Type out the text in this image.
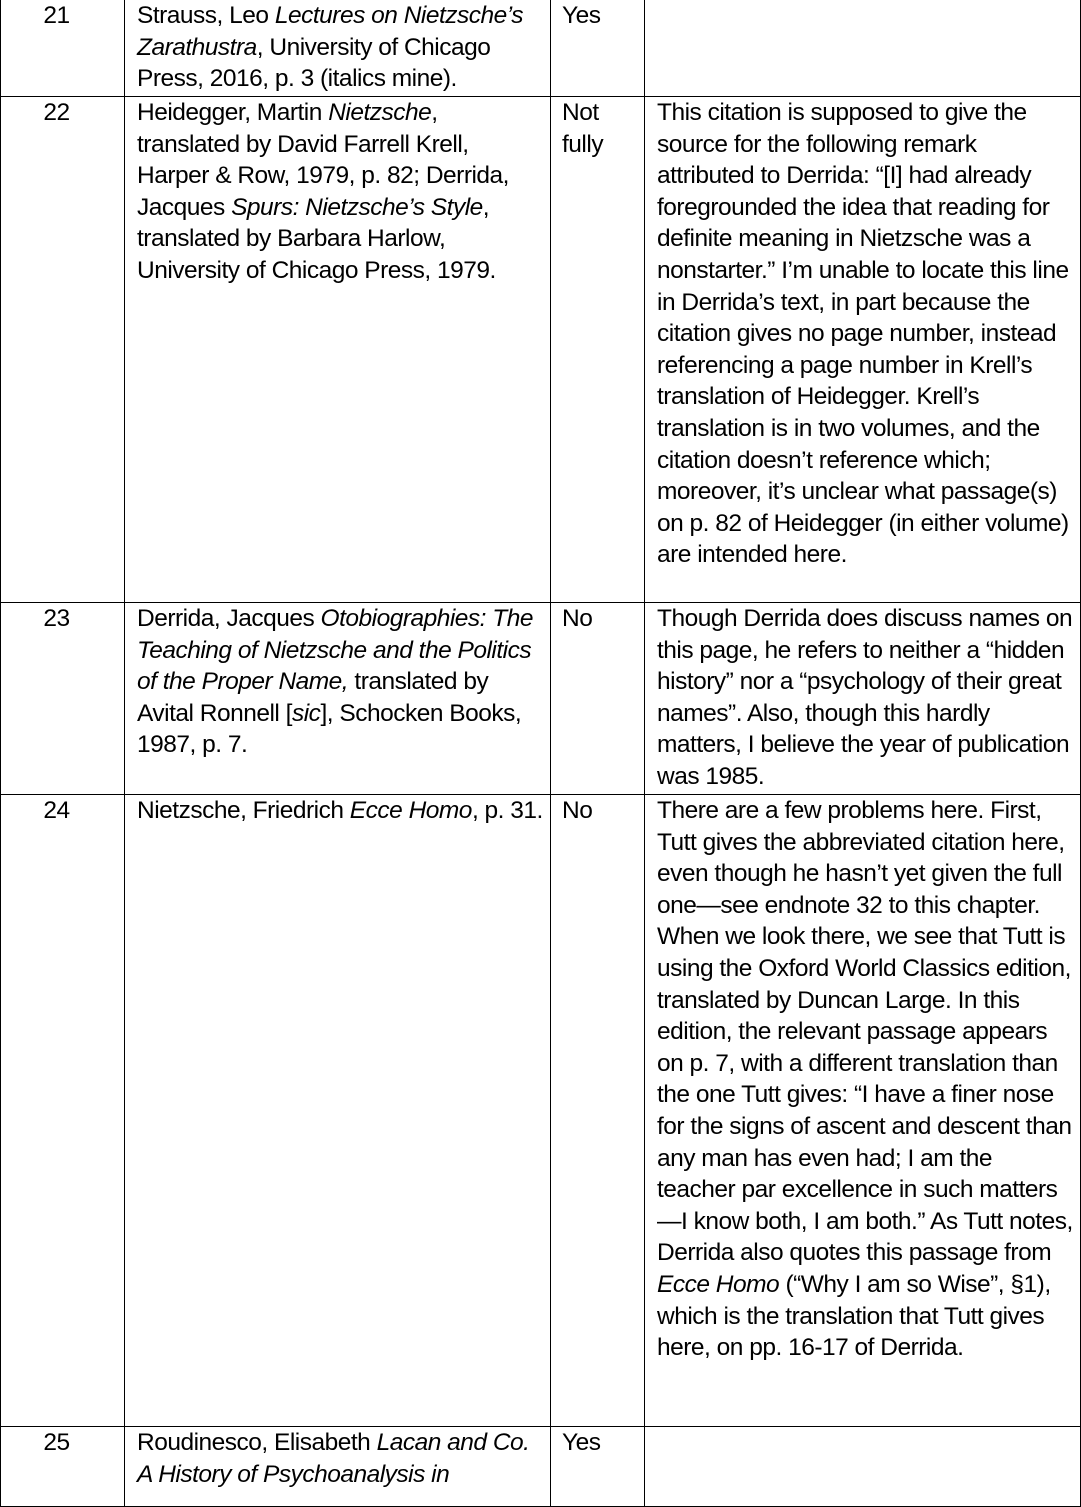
21	Strauss, Leo Lectures on Nietzsche’s Zarathustra, University of Chicago Press, 2016, p. 3 (italics mine).	Yes	
22	Heidegger, Martin Nietzsche, translated by David Farrell Krell, Harper & Row, 1979, p. 82; Derrida, Jacques Spurs: Nietzsche’s Style, translated by Barbara Harlow, University of Chicago Press, 1979.	Not fully	This citation is supposed to give the source for the following remark attributed to Derrida: “[I] had already foregrounded the idea that reading for definite meaning in Nietzsche was a nonstarter.” I’m unable to locate this line in Derrida’s text, in part because the citation gives no page number, instead referencing a page number in Krell’s translation of Heidegger. Krell’s translation is in two volumes, and the citation doesn’t reference which; moreover, it’s unclear what passage(s) on p. 82 of Heidegger (in either volume) are intended here.
23	Derrida, Jacques Otobiographies: The Teaching of Nietzsche and the Politics of the Proper Name, translated by Avital Ronnell [sic], Schocken Books, 1987, p. 7.	No	Though Derrida does discuss names on this page, he refers to neither a “hidden history” nor a “psychology of their great names”. Also, though this hardly matters, I believe the year of publication was 1985.
24	Nietzsche, Friedrich Ecce Homo, p. 31.	No	There are a few problems here. First, Tutt gives the abbreviated citation here, even though he hasn’t yet given the full one—see endnote 32 to this chapter. When we look there, we see that Tutt is using the Oxford World Classics edition, translated by Duncan Large. In this edition, the relevant passage appears on p. 7, with a different translation than the one Tutt gives: “I have a finer nose for the signs of ascent and descent than any man has even had; I am the teacher par excellence in such matters—I know both, I am both.” As Tutt notes, Derrida also quotes this passage from Ecce Homo (“Why I am so Wise”, §1), which is the translation that Tutt gives here, on pp. 16-17 of Derrida.
25	Roudinesco, Elisabeth Lacan and Co. A History of Psychoanalysis in	Yes	
